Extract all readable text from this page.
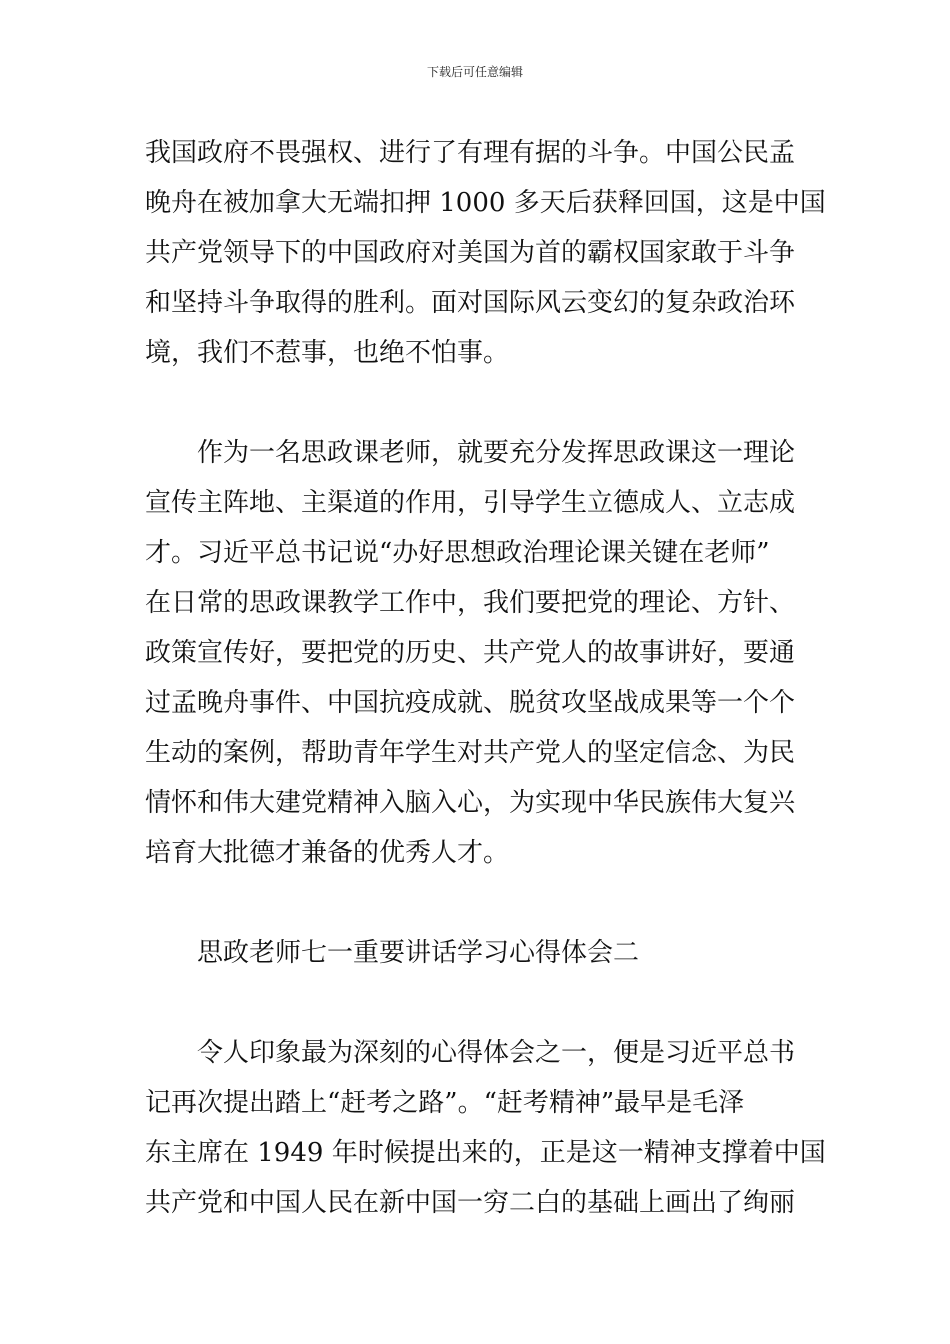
下载后可任意编辑
我国政府不畏强权、进行了有理有据的斗争。中国公民孟
晚舟在被加拿大无端扣押 1000 多天后获释回国，这是中国
共产党领导下的中国政府对美国为首的霸权国家敢于斗争
和坚持斗争取得的胜利。面对国际风云变幻的复杂政治环
境，我们不惹事，也绝不怕事。
作为一名思政课老师，就要充分发挥思政课这一理论
宣传主阵地、主渠道的作用，引导学生立德成人、立志成
才。习近平总书记说“办好思想政治理论课关键在老师”
在日常的思政课教学工作中，我们要把党的理论、方针、
政策宣传好，要把党的历史、共产党人的故事讲好，要通
过孟晚舟事件、中国抗疫成就、脱贫攻坚战成果等一个个
生动的案例，帮助青年学生对共产党人的坚定信念、为民
情怀和伟大建党精神入脑入心，为实现中华民族伟大复兴
培育大批德才兼备的优秀人才。
思政老师七一重要讲话学习心得体会二
令人印象最为深刻的心得体会之一，便是习近平总书
记再次提出踏上“赶考之路”。“赶考精神”最早是毛泽
东主席在 1949 年时候提出来的，正是这一精神支撑着中国
共产党和中国人民在新中国一穷二白的基础上画出了绚丽
